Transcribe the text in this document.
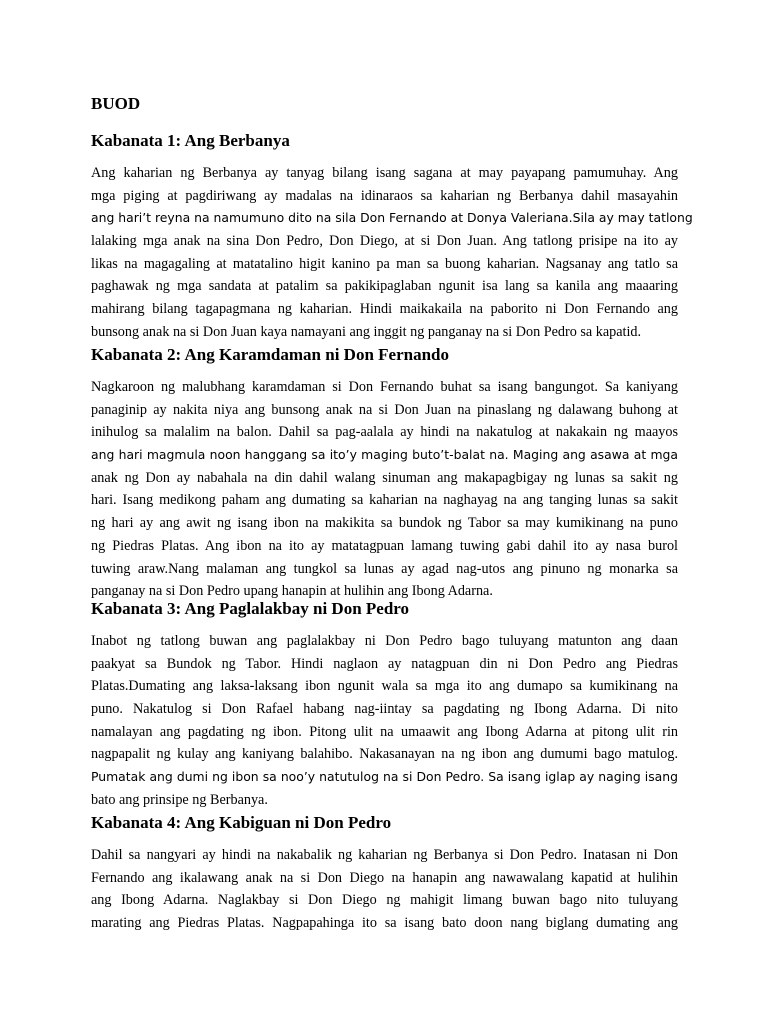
BUOD
Kabanata 1: Ang Berbanya
Ang kaharian ng Berbanya ay tanyag bilang isang sagana at may payapang pamumuhay. Ang
mga piging at pagdiriwang ay madalas na idinaraos sa kaharian ng Berbanya dahil masayahin
ang hari’t reyna na namumuno dito na sila Don Fernando at Donya Valeriana.Sila ay may tatlong
lalaking mga anak na sina Don Pedro, Don Diego, at si Don Juan. Ang tatlong prisipe na ito ay
likas na magagaling at matatalino higit kanino pa man sa buong kaharian. Nagsanay ang tatlo sa
paghawak ng mga sandata at patalim sa pakikipaglaban ngunit isa lang sa kanila ang maaaring
mahirang bilang tagapagmana ng kaharian. Hindi maikakaila na paborito ni Don Fernando ang
bunsong anak na si Don Juan kaya namayani ang inggit ng panganay na si Don Pedro sa kapatid.
Kabanata 2: Ang Karamdaman ni Don Fernando
Nagkaroon ng malubhang karamdaman si Don Fernando buhat sa isang bangungot. Sa kaniyang
panaginip ay nakita niya ang bunsong anak na si Don Juan na pinaslang ng dalawang buhong at
inihulog sa malalim na balon. Dahil sa pag-aalala ay hindi na nakatulog at nakakain ng maayos
ang hari magmula noon hanggang sa ito’y maging buto’t-balat na. Maging ang asawa at mga
anak ng Don ay nabahala na din dahil walang sinuman ang makapagbigay ng lunas sa sakit ng
hari. Isang medikong paham ang dumating sa kaharian na naghayag na ang tanging lunas sa sakit
ng hari ay ang awit ng isang ibon na makikita sa bundok ng Tabor sa may kumikinang na puno
ng Piedras Platas. Ang ibon na ito ay matatagpuan lamang tuwing gabi dahil ito ay nasa burol
tuwing araw.Nang malaman ang tungkol sa lunas ay agad nag-utos ang pinuno ng monarka sa
panganay na si Don Pedro upang hanapin at hulihin ang Ibong Adarna.
Kabanata 3: Ang Paglalakbay ni Don Pedro
Inabot ng tatlong buwan ang paglalakbay ni Don Pedro bago tuluyang matunton ang daan
paakyat sa Bundok ng Tabor. Hindi naglaon ay natagpuan din ni Don Pedro ang Piedras
Platas.Dumating ang laksa-laksang ibon ngunit wala sa mga ito ang dumapo sa kumikinang na
puno. Nakatulog si Don Rafael habang nag-iintay sa pagdating ng Ibong Adarna. Di nito
namalayan ang pagdating ng ibon. Pitong ulit na umaawit ang Ibong Adarna at pitong ulit rin
nagpapalit ng kulay ang kaniyang balahibo. Nakasanayan na ng ibon ang dumumi bago matulog.
Pumatak ang dumi ng ibon sa noo’y natutulog na si Don Pedro. Sa isang iglap ay naging isang
bato ang prinsipe ng Berbanya.
Kabanata 4: Ang Kabiguan ni Don Pedro
Dahil sa nangyari ay hindi na nakabalik ng kaharian ng Berbanya si Don Pedro. Inatasan ni Don
Fernando ang ikalawang anak na si Don Diego na hanapin ang nawawalang kapatid at hulihin
ang Ibong Adarna. Naglakbay si Don Diego ng mahigit limang buwan bago nito tuluyang
marating ang Piedras Platas. Nagpapahinga ito sa isang bato doon nang biglang dumating ang
